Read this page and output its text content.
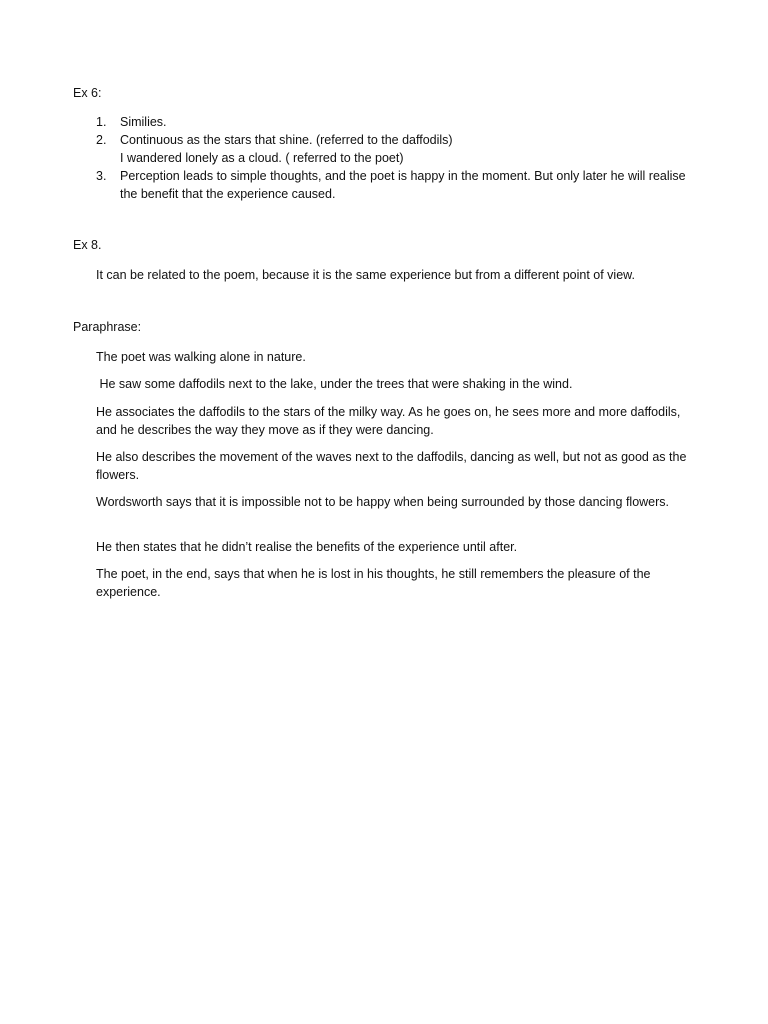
Ex 6:

1. Similies.
2. Continuous as the stars that shine. (referred to the daffodils)
I wandered lonely as a cloud. ( referred to the poet)
3. Perception leads to simple thoughts, and the poet is happy in the moment. But only later he will realise the benefit that the experience caused.

Ex 8.

It can be related to the poem, because it is the same experience but from a different point of view.

Paraphrase:

The poet was walking alone in nature.

He saw some daffodils next to the lake, under the trees that were shaking in the wind.

He associates the daffodils to the stars of the milky way. As he goes on, he sees more and more daffodils, and he describes the way they move as if they were dancing.

He also describes the movement of the waves next to the daffodils, dancing as well, but not as good as the flowers.

Wordsworth says that it is impossible not to be happy when being surrounded by those dancing flowers.

He then states that he didn’t realise the benefits of the experience until after.

The poet, in the end, says that when he is lost in his thoughts, he still remembers the pleasure of the experience.
